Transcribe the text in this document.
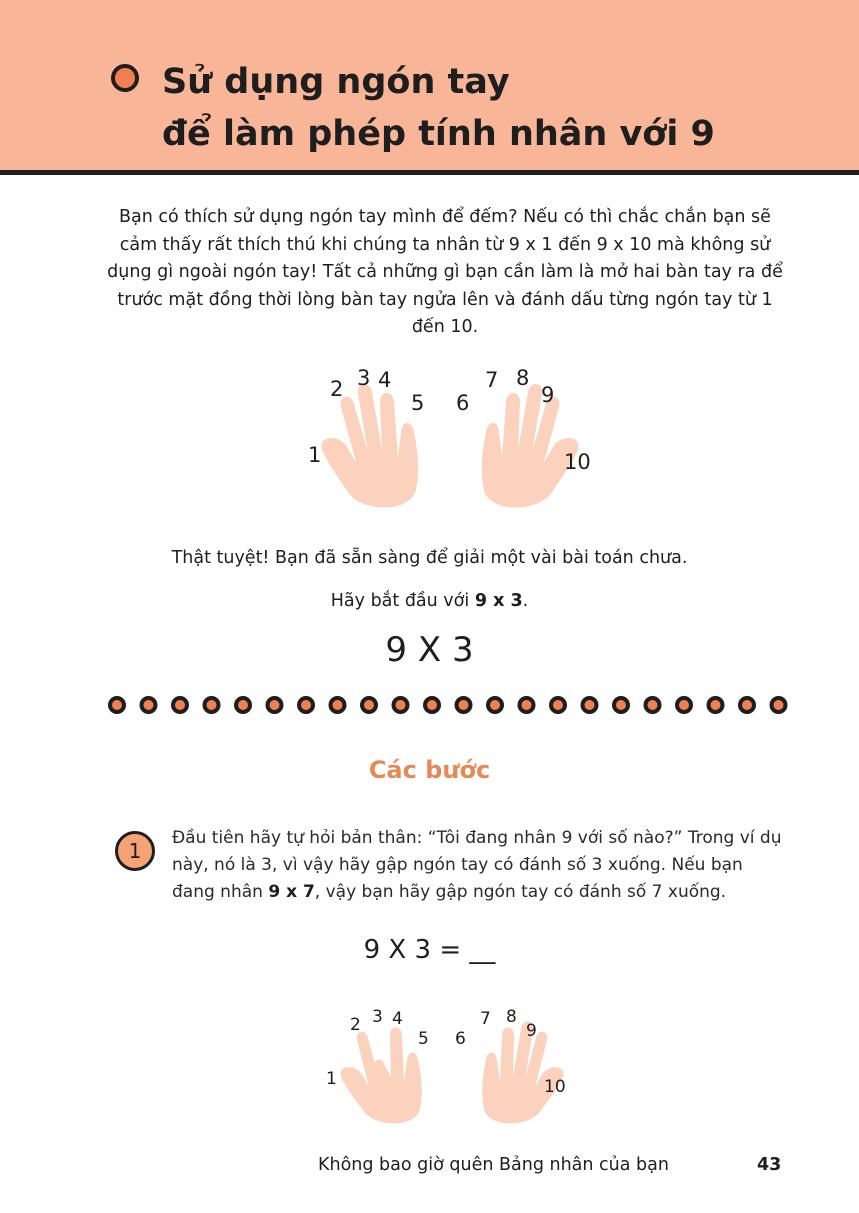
Sử dụng ngón tay
để làm phép tính nhân với 9

Bạn có thích sử dụng ngón tay mình để đếm? Nếu có thì chắc chắn bạn sẽ cảm thấy rất thích thú khi chúng ta nhân từ 9 x 1 đến 9 x 10 mà không sử dụng gì ngoài ngón tay! Tất cả những gì bạn cần làm là mở hai bàn tay ra để trước mặt đồng thời lòng bàn tay ngửa lên và đánh dấu từng ngón tay từ 1 đến 10.

1
2 3 4
5 6
7 8
9
10

Thật tuyệt! Bạn đã sẵn sàng để giải một vài bài toán chưa.

Hãy bắt đầu với 9 x 3.

9 X 3

Các bước
1

Đầu tiên hãy tự hỏi bản thân: “Tôi đang nhân 9 với số nào?” Trong ví dụ này, nó là 3, vì vậy hãy gập ngón tay có đánh số 3 xuống. Nếu bạn đang nhân 9 x 7, vậy bạn hãy gập ngón tay có đánh số 7 xuống.

9 X 3 = __

1
2 3 4
5 6
7 8
9
10

Không bao giờ quên Bảng nhân của bạn	43
